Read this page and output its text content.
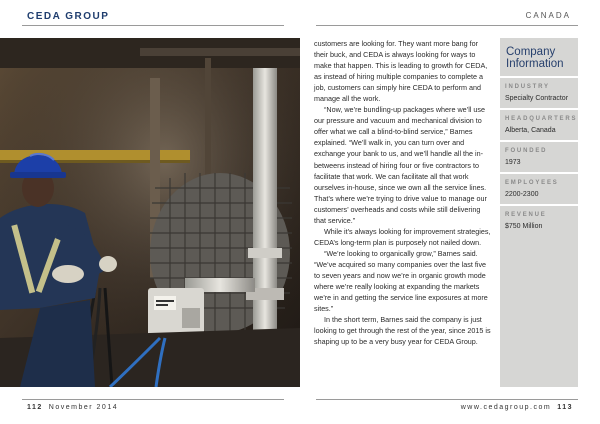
CEDA GROUP	CANADA

customers are looking for. They want more bang for their buck, and CEDA is always looking for ways to make that happen. This is leading to growth for CEDA, as instead of hiring multiple companies to complete a job, customers can simply hire CEDA to perform and manage all the work.

“Now, we’re bundling-up packages where we’ll use our pressure and vacuum and mechanical division to offer what we call a blind-to-blind service,” Barnes explained. “We’ll walk in, you can turn over and exchange your bank to us, and we’ll handle all the in-betweens instead of hiring four or five contractors to facilitate that work. We can facilitate all that work ourselves in-house, since we own all the service lines. That’s where we’re trying to drive value to manage our customers’ overheads and costs while still delivering that service.”

While it’s always looking for improvement strategies, CEDA’s long-term plan is purposely not nailed down.

“We’re looking to organically grow,” Barnes said. “We’ve acquired so many companies over the last five to seven years and now we’re in organic growth mode where we’re really looking at expanding the markets we’re in and getting the service line exposures at more sites.”

In the short term, Barnes said the company is just looking to get through the rest of the year, since 2015 is shaping up to be a very busy year for CEDA Group.

Company Information
INDUSTRY
Specialty Contractor
HEADQUARTERS
Alberta, Canada
FOUNDED
1973
EMPLOYEES
2200-2300
REVENUE
$750 Million
112 November 2014	www.cedagroup.com 113
